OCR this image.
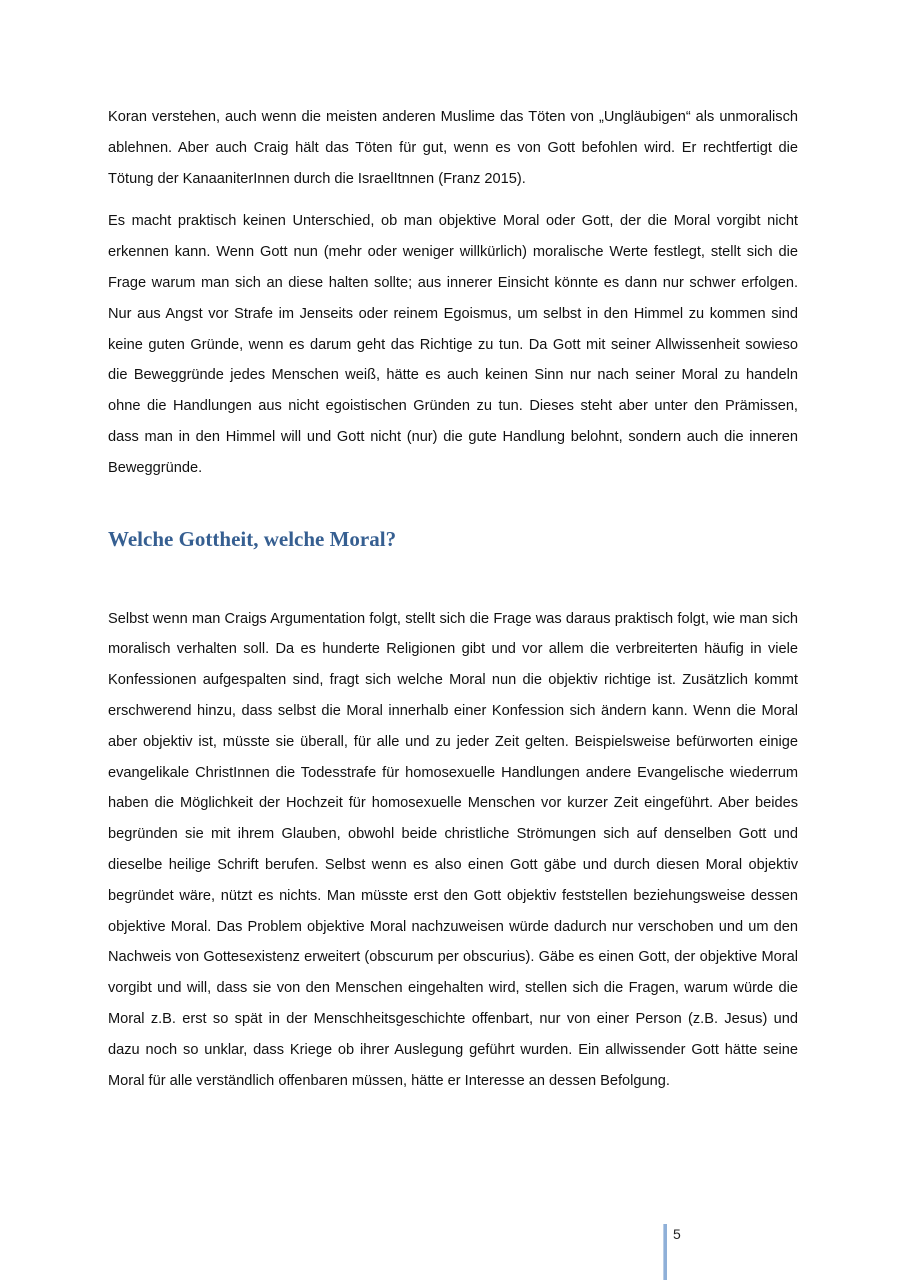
Koran verstehen, auch wenn die meisten anderen Muslime das Töten von „Ungläubigen“ als unmoralisch ablehnen. Aber auch Craig hält das Töten für gut, wenn es von Gott befohlen wird. Er rechtfertigt die Tötung der KanaaniterInnen durch die IsraelItnnen (Franz 2015).

Es macht praktisch keinen Unterschied, ob man objektive Moral oder Gott, der die Moral vorgibt nicht erkennen kann. Wenn Gott nun (mehr oder weniger willkürlich) moralische Werte festlegt, stellt sich die Frage warum man sich an diese halten sollte; aus innerer Einsicht könnte es dann nur schwer erfolgen. Nur aus Angst vor Strafe im Jenseits oder reinem Egoismus, um selbst in den Himmel zu kommen sind keine guten Gründe, wenn es darum geht das Richtige zu tun. Da Gott mit seiner Allwissenheit sowieso die Beweggründe jedes Menschen weiß, hätte es auch keinen Sinn nur nach seiner Moral zu handeln ohne die Handlungen aus nicht egoistischen Gründen zu tun. Dieses steht aber unter den Prämissen, dass man in den Himmel will und Gott nicht (nur) die gute Handlung belohnt, sondern auch die inneren Beweggründe.

Welche Gottheit, welche Moral?

Selbst wenn man Craigs Argumentation folgt, stellt sich die Frage was daraus praktisch folgt, wie man sich moralisch verhalten soll. Da es hunderte Religionen gibt und vor allem die verbreiterten häufig in viele Konfessionen aufgespalten sind, fragt sich welche Moral nun die objektiv richtige ist. Zusätzlich kommt erschwerend hinzu, dass selbst die Moral innerhalb einer Konfession sich ändern kann. Wenn die Moral aber objektiv ist, müsste sie überall, für alle und zu jeder Zeit gelten. Beispielsweise befürworten einige evangelikale ChristInnen die Todesstrafe für homosexuelle Handlungen andere Evangelische wiederrum haben die Möglichkeit der Hochzeit für homosexuelle Menschen vor kurzer Zeit eingeführt. Aber beides begründen sie mit ihrem Glauben, obwohl beide christliche Strömungen sich auf denselben Gott und dieselbe heilige Schrift berufen. Selbst wenn es also einen Gott gäbe und durch diesen Moral objektiv begründet wäre, nützt es nichts. Man müsste erst den Gott objektiv feststellen beziehungsweise dessen objektive Moral. Das Problem objektive Moral nachzuweisen würde dadurch nur verschoben und um den Nachweis von Gottesexistenz erweitert (obscurum per obscurius). Gäbe es einen Gott, der objektive Moral vorgibt und will, dass sie von den Menschen eingehalten wird, stellen sich die Fragen, warum würde die Moral z.B. erst so spät in der Menschheitsgeschichte offenbart, nur von einer Person (z.B. Jesus) und dazu noch so unklar, dass Kriege ob ihrer Auslegung geführt wurden. Ein allwissender Gott hätte seine Moral für alle verständlich offenbaren müssen, hätte er Interesse an dessen Befolgung.

5
